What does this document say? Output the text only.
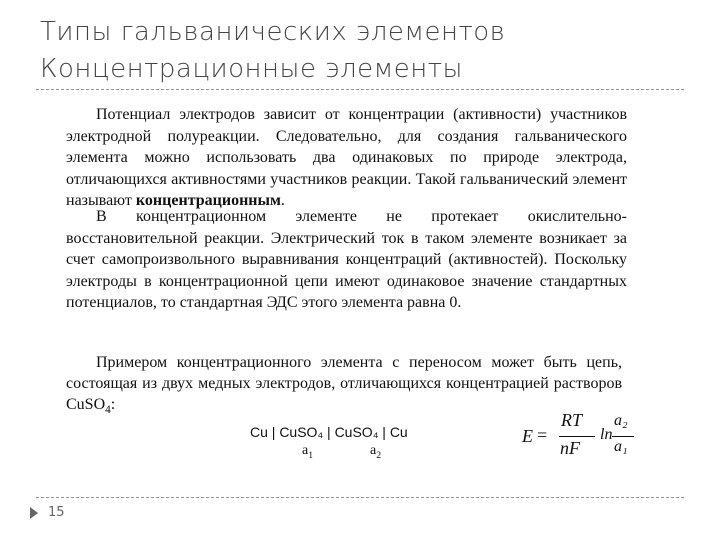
Типы гальванических элементов
Концентрационные элементы

Потенциал электродов зависит от концентрации (активности) участников электродной полуреакции. Следовательно, для создания гальванического элемента можно использовать два одинаковых по природе электрода, отличающихся активностями участников реакции. Такой гальванический элемент называют концентрационным.

В концентрационном элементе не протекает окислительно-восстановительной реакции. Электрический ток в таком элементе возникает за счет самопроизвольного выравнивания концентраций (активностей). Поскольку электроды в концентрационной цепи имеют одинаковое значение стандартных потенциалов, то стандартная ЭДС этого элемента равна 0.

Примером концентрационного элемента с переносом может быть цепь, состоящая из двух медных электродов, отличающихся концентрацией растворов CuSO$_4$:

Cu | CuSO₄ | CuSO₄ | Cu
$a_1$	$a_2$
E =
RT
nF
ln
a₂
a₁
15
